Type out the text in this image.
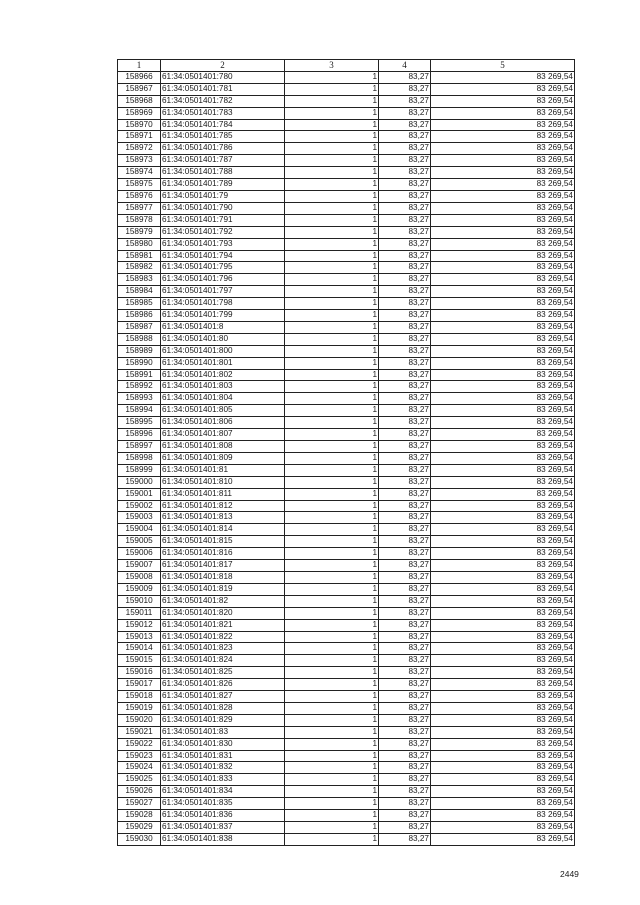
1	2	3	4	5
158966	61:34:0501401:780	1	83,27	83 269,54
158967	61:34:0501401:781	1	83,27	83 269,54
158968	61:34:0501401:782	1	83,27	83 269,54
158969	61:34:0501401:783	1	83,27	83 269,54
158970	61:34:0501401:784	1	83,27	83 269,54
158971	61:34:0501401:785	1	83,27	83 269,54
158972	61:34:0501401:786	1	83,27	83 269,54
158973	61:34:0501401:787	1	83,27	83 269,54
158974	61:34:0501401:788	1	83,27	83 269,54
158975	61:34:0501401:789	1	83,27	83 269,54
158976	61:34:0501401:79	1	83,27	83 269,54
158977	61:34:0501401:790	1	83,27	83 269,54
158978	61:34:0501401:791	1	83,27	83 269,54
158979	61:34:0501401:792	1	83,27	83 269,54
158980	61:34:0501401:793	1	83,27	83 269,54
158981	61:34:0501401:794	1	83,27	83 269,54
158982	61:34:0501401:795	1	83,27	83 269,54
158983	61:34:0501401:796	1	83,27	83 269,54
158984	61:34:0501401:797	1	83,27	83 269,54
158985	61:34:0501401:798	1	83,27	83 269,54
158986	61:34:0501401:799	1	83,27	83 269,54
158987	61:34:0501401:8	1	83,27	83 269,54
158988	61:34:0501401:80	1	83,27	83 269,54
158989	61:34:0501401:800	1	83,27	83 269,54
158990	61:34:0501401:801	1	83,27	83 269,54
158991	61:34:0501401:802	1	83,27	83 269,54
158992	61:34:0501401:803	1	83,27	83 269,54
158993	61:34:0501401:804	1	83,27	83 269,54
158994	61:34:0501401:805	1	83,27	83 269,54
158995	61:34:0501401:806	1	83,27	83 269,54
158996	61:34:0501401:807	1	83,27	83 269,54
158997	61:34:0501401:808	1	83,27	83 269,54
158998	61:34:0501401:809	1	83,27	83 269,54
158999	61:34:0501401:81	1	83,27	83 269,54
159000	61:34:0501401:810	1	83,27	83 269,54
159001	61:34:0501401:811	1	83,27	83 269,54
159002	61:34:0501401:812	1	83,27	83 269,54
159003	61:34:0501401:813	1	83,27	83 269,54
159004	61:34:0501401:814	1	83,27	83 269,54
159005	61:34:0501401:815	1	83,27	83 269,54
159006	61:34:0501401:816	1	83,27	83 269,54
159007	61:34:0501401:817	1	83,27	83 269,54
159008	61:34:0501401:818	1	83,27	83 269,54
159009	61:34:0501401:819	1	83,27	83 269,54
159010	61:34:0501401:82	1	83,27	83 269,54
159011	61:34:0501401:820	1	83,27	83 269,54
159012	61:34:0501401:821	1	83,27	83 269,54
159013	61:34:0501401:822	1	83,27	83 269,54
159014	61:34:0501401:823	1	83,27	83 269,54
159015	61:34:0501401:824	1	83,27	83 269,54
159016	61:34:0501401:825	1	83,27	83 269,54
159017	61:34:0501401:826	1	83,27	83 269,54
159018	61:34:0501401:827	1	83,27	83 269,54
159019	61:34:0501401:828	1	83,27	83 269,54
159020	61:34:0501401:829	1	83,27	83 269,54
159021	61:34:0501401:83	1	83,27	83 269,54
159022	61:34:0501401:830	1	83,27	83 269,54
159023	61:34:0501401:831	1	83,27	83 269,54
159024	61:34:0501401:832	1	83,27	83 269,54
159025	61:34:0501401:833	1	83,27	83 269,54
159026	61:34:0501401:834	1	83,27	83 269,54
159027	61:34:0501401:835	1	83,27	83 269,54
159028	61:34:0501401:836	1	83,27	83 269,54
159029	61:34:0501401:837	1	83,27	83 269,54
159030	61:34:0501401:838	1	83,27	83 269,54
2449
